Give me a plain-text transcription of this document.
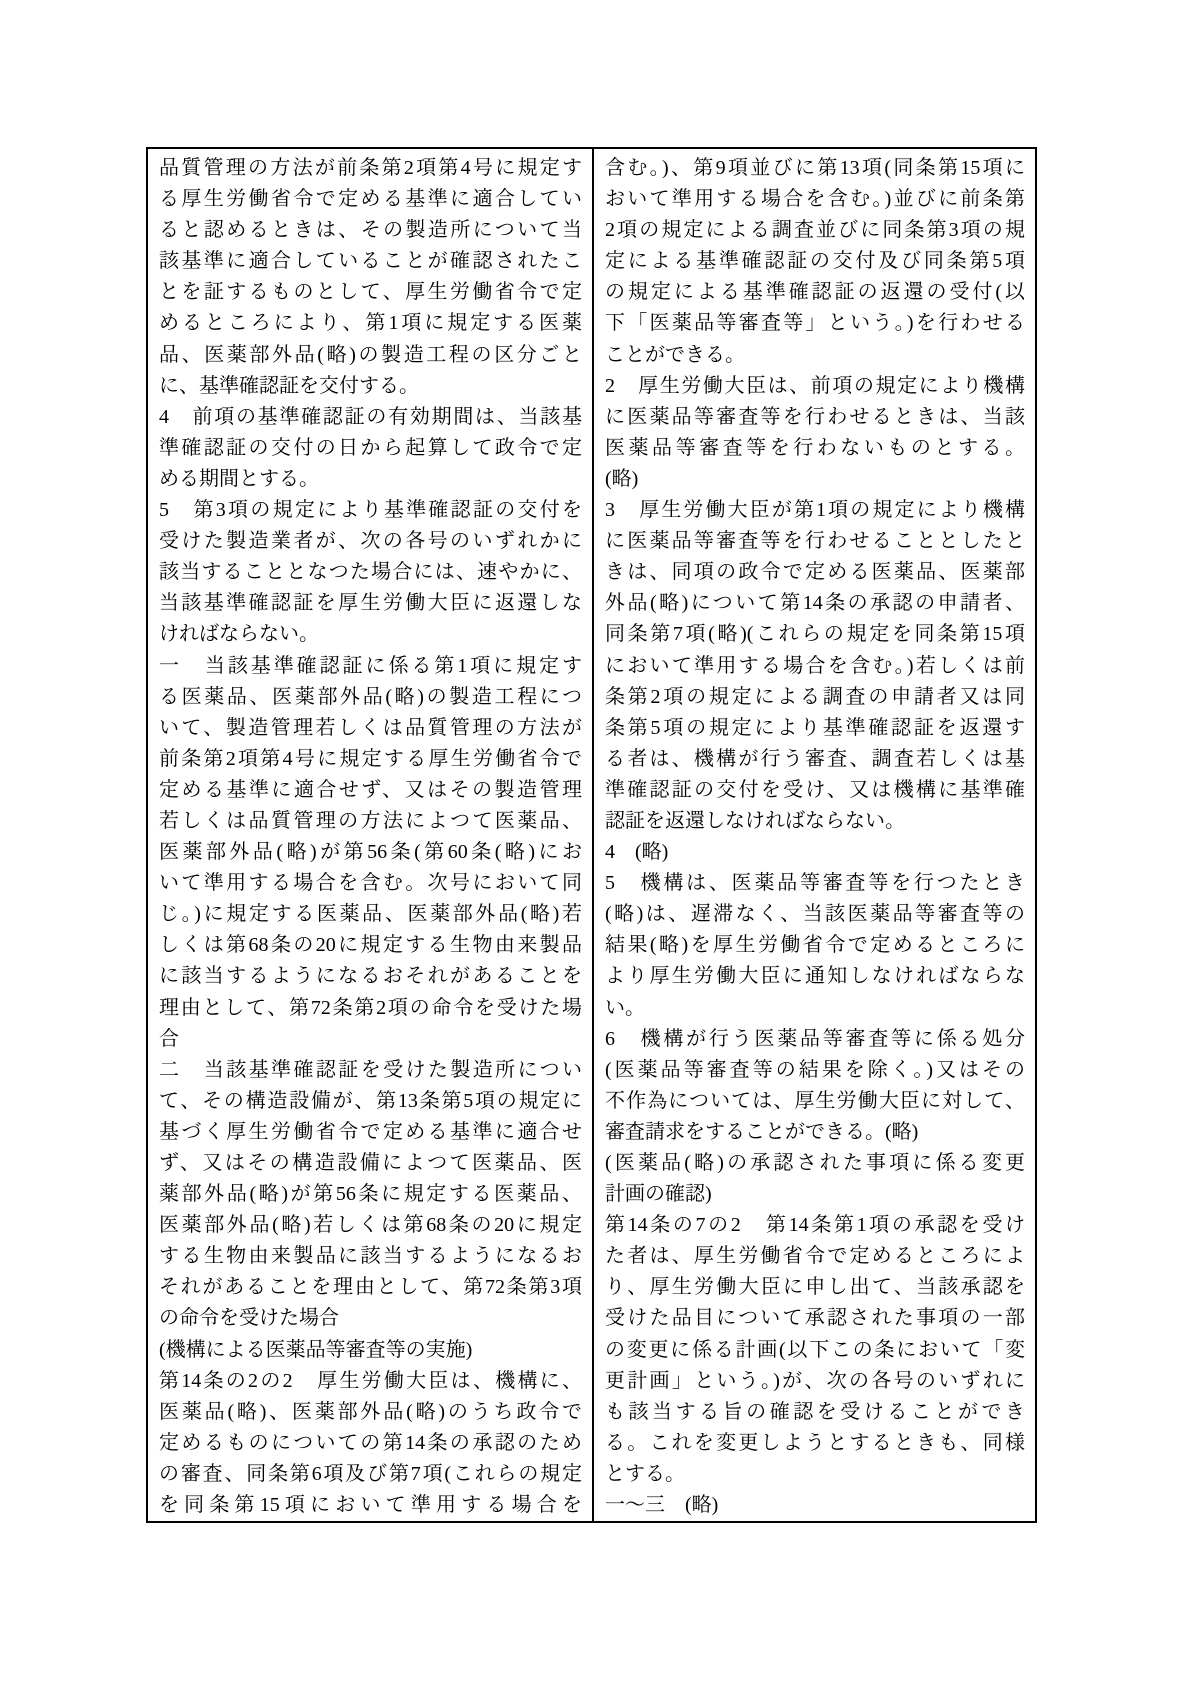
品質管理の方法が前条第2項第4号に規定す
る厚生労働省令で定める基準に適合してい
ると認めるときは、その製造所について当
該基準に適合していることが確認されたこ
とを証するものとして、厚生労働省令で定
めるところにより、第1項に規定する医薬
品、医薬部外品(略)の製造工程の区分ごと
に、基準確認証を交付する。
4　前項の基準確認証の有効期間は、当該基
準確認証の交付の日から起算して政令で定
める期間とする。
5　第3項の規定により基準確認証の交付を
受けた製造業者が、次の各号のいずれかに
該当することとなつた場合には、速やかに、
当該基準確認証を厚生労働大臣に返還しな
ければならない。
一　当該基準確認証に係る第1項に規定す
る医薬品、医薬部外品(略)の製造工程につ
いて、製造管理若しくは品質管理の方法が
前条第2項第4号に規定する厚生労働省令で
定める基準に適合せず、又はその製造管理
若しくは品質管理の方法によつて医薬品、
医薬部外品(略)が第56条(第60条(略)にお
いて準用する場合を含む。次号において同
じ。)に規定する医薬品、医薬部外品(略)若
しくは第68条の20に規定する生物由来製品
に該当するようになるおそれがあることを
理由として、第72条第2項の命令を受けた場
合
二　当該基準確認証を受けた製造所につい
て、その構造設備が、第13条第5項の規定に
基づく厚生労働省令で定める基準に適合せ
ず、又はその構造設備によつて医薬品、医
薬部外品(略)が第56条に規定する医薬品、
医薬部外品(略)若しくは第68条の20に規定
する生物由来製品に該当するようになるお
それがあることを理由として、第72条第3項
の命令を受けた場合
(機構による医薬品等審査等の実施)
第14条の2の2　厚生労働大臣は、機構に、
医薬品(略)、医薬部外品(略)のうち政令で
定めるものについての第14条の承認のため
の審査、同条第6項及び第7項(これらの規定
を同条第15項において準用する場合を
含む。)、第9項並びに第13項(同条第15項に
おいて準用する場合を含む。)並びに前条第
2項の規定による調査並びに同条第3項の規
定による基準確認証の交付及び同条第5項
の規定による基準確認証の返還の受付(以
下「医薬品等審査等」という。)を行わせる
ことができる。
2　厚生労働大臣は、前項の規定により機構
に医薬品等審査等を行わせるときは、当該
医薬品等審査等を行わないものとする。
(略)
3　厚生労働大臣が第1項の規定により機構
に医薬品等審査等を行わせることとしたと
きは、同項の政令で定める医薬品、医薬部
外品(略)について第14条の承認の申請者、
同条第7項(略)(これらの規定を同条第15項
において準用する場合を含む。)若しくは前
条第2項の規定による調査の申請者又は同
条第5項の規定により基準確認証を返還す
る者は、機構が行う審査、調査若しくは基
準確認証の交付を受け、又は機構に基準確
認証を返還しなければならない。
4　(略)
5　機構は、医薬品等審査等を行つたとき
(略)は、遅滞なく、当該医薬品等審査等の
結果(略)を厚生労働省令で定めるところに
より厚生労働大臣に通知しなければならな
い。
6　機構が行う医薬品等審査等に係る処分
(医薬品等審査等の結果を除く。)又はその
不作為については、厚生労働大臣に対して、
審査請求をすることができる。(略)
(医薬品(略)の承認された事項に係る変更
計画の確認)
第14条の7の2　第14条第1項の承認を受け
た者は、厚生労働省令で定めるところによ
り、厚生労働大臣に申し出て、当該承認を
受けた品目について承認された事項の一部
の変更に係る計画(以下この条において「変
更計画」という。)が、次の各号のいずれに
も該当する旨の確認を受けることができ
る。これを変更しようとするときも、同様
とする。
一～三　(略)
